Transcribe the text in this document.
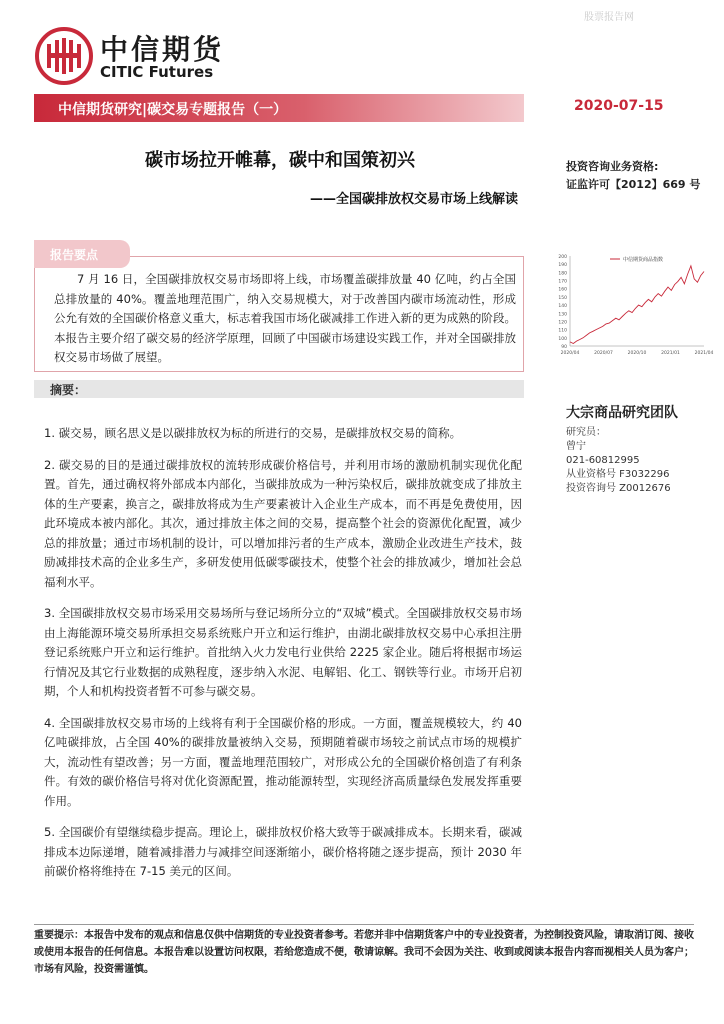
股票报告网
中信期货
CITIC Futures
中信期货研究|碳交易专题报告（一）	2020-07-15
碳市场拉开帷幕，碳中和国策初兴
——全国碳排放权交易市场上线解读
投资咨询业务资格:
证监许可【2012】669 号
报告要点
7 月 16 日，全国碳排放权交易市场即将上线，市场覆盖碳排放量 40 亿吨，约占全国总排放量的 40%。覆盖地理范围广，纳入交易规模大，对于改善国内碳市场流动性，形成公允有效的全国碳价格意义重大，标志着我国市场化碳减排工作进入新的更为成熟的阶段。本报告主要介绍了碳交易的经济学原理，回顾了中国碳市场建设实践工作，并对全国碳排放权交易市场做了展望。
200
190
180
170
160
150
140
130
120
110
100
90
2020/04	2020/07	2020/10	2021/01	2021/04
中信期货商品指数
摘要：
大宗商品研究团队
研究员：
曾宁
021-60812995
从业资格号 F3032296
投资咨询号 Z0012676

1. 碳交易，顾名思义是以碳排放权为标的所进行的交易，是碳排放权交易的简称。

2. 碳交易的目的是通过碳排放权的流转形成碳价格信号，并利用市场的激励机制实现优化配置。首先，通过确权将外部成本内部化，当碳排放成为一种污染权后，碳排放就变成了排放主体的生产要素，换言之，碳排放将成为生产要素被计入企业生产成本，而不再是免费使用，因此环境成本被内部化。其次，通过排放主体之间的交易，提高整个社会的资源优化配置，减少总的排放量；通过市场机制的设计，可以增加排污者的生产成本，激励企业改进生产技术，鼓励减排技术高的企业多生产，多研发使用低碳零碳技术，使整个社会的排放减少，增加社会总福利水平。

3. 全国碳排放权交易市场采用交易场所与登记场所分立的“双城”模式。全国碳排放权交易市场由上海能源环境交易所承担交易系统账户开立和运行维护，由湖北碳排放权交易中心承担注册登记系统账户开立和运行维护。首批纳入火力发电行业供给 2225 家企业。随后将根据市场运行情况及其它行业数据的成熟程度，逐步纳入水泥、电解铝、化工、钢铁等行业。市场开启初期，个人和机构投资者暂不可参与碳交易。

4. 全国碳排放权交易市场的上线将有利于全国碳价格的形成。一方面，覆盖规模较大，约 40 亿吨碳排放，占全国 40%的碳排放量被纳入交易，预期随着碳市场较之前试点市场的规模扩大，流动性有望改善；另一方面，覆盖地理范围较广，对形成公允的全国碳价格创造了有利条件。有效的碳价格信号将对优化资源配置，推动能源转型，实现经济高质量绿色发展发挥重要作用。

5. 全国碳价有望继续稳步提高。理论上，碳排放权价格大致等于碳减排成本。长期来看，碳减排成本边际递增，随着减排潜力与减排空间逐渐缩小，碳价格将随之逐步提高，预计 2030 年前碳价格将维持在 7-15 美元的区间。

重要提示：本报告中发布的观点和信息仅供中信期货的专业投资者参考。若您并非中信期货客户中的专业投资者，为控制投资风险，请取消订阅、接收或使用本报告的任何信息。本报告难以设置访问权限，若给您造成不便，敬请谅解。我司不会因为关注、收到或阅读本报告内容而视相关人员为客户；市场有风险，投资需谨慎。
